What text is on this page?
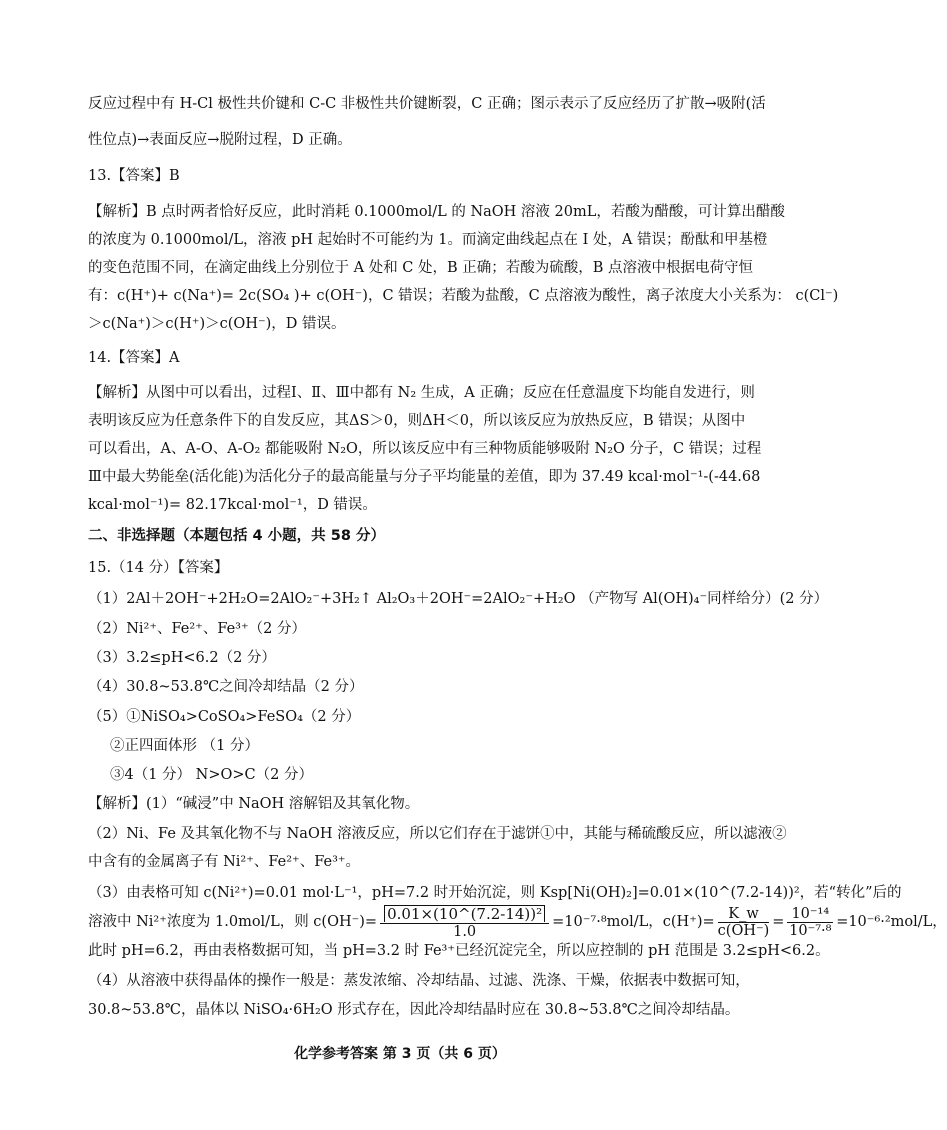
反应过程中有 H-Cl 极性共价键和 C-C 非极性共价键断裂，C 正确；图示表示了反应经历了扩散→吸附(活
性位点)→表面反应→脱附过程，D 正确。
13.【答案】B
【解析】B 点时两者恰好反应，此时消耗 0.1000mol/L 的 NaOH 溶液 20mL，若酸为醋酸，可计算出醋酸
的浓度为 0.1000mol/L，溶液 pH 起始时不可能约为 1。而滴定曲线起点在 I 处，A 错误；酚酞和甲基橙
的变色范围不同，在滴定曲线上分别位于 A 处和 C 处，B 正确；若酸为硫酸，B 点溶液中根据电荷守恒
有：c(H⁺)+ c(Na⁺)= 2c(SO₄ )+ c(OH⁻)，C 错误；若酸为盐酸，C 点溶液为酸性，离子浓度大小关系为： c(Cl⁻)
＞c(Na⁺)＞c(H⁺)＞c(OH⁻)，D 错误。
14.【答案】A
【解析】从图中可以看出，过程Ⅰ、Ⅱ、Ⅲ中都有 N₂ 生成，A 正确；反应在任意温度下均能自发进行，则
表明该反应为任意条件下的自发反应，其ΔS＞0，则ΔH＜0，所以该反应为放热反应，B 错误；从图中
可以看出，A、A-O、A-O₂ 都能吸附 N₂O，所以该反应中有三种物质能够吸附 N₂O 分子，C 错误；过程
Ⅲ中最大势能垒(活化能)为活化分子的最高能量与分子平均能量的差值，即为 37.49 kcal·mol⁻¹-(-44.68
kcal·mol⁻¹)= 82.17kcal·mol⁻¹，D 错误。
二、非选择题（本题包括 4 小题，共 58 分）
15.（14 分）【答案】
（1）2Al＋2OH⁻+2H₂O=2AlO₂⁻+3H₂↑ Al₂O₃＋2OH⁻=2AlO₂⁻+H₂O （产物写 Al(OH)₄⁻同样给分）(2 分）
（2）Ni²⁺、Fe²⁺、Fe³⁺（2 分）
（3）3.2≤pH<6.2（2 分）
（4）30.8~53.8℃之间冷却结晶（2 分）
（5）①NiSO₄>CoSO₄>FeSO₄（2 分）
②正四面体形 （1 分）
③4（1 分） N>O>C（2 分）
【解析】(1）“碱浸”中 NaOH 溶解铝及其氧化物。
（2）Ni、Fe 及其氧化物不与 NaOH 溶液反应，所以它们存在于滤饼①中，其能与稀硫酸反应，所以滤液②
中含有的金属离子有 Ni²⁺、Fe²⁺、Fe³⁺。
（3）由表格可知 c(Ni²⁺)=0.01 mol·L⁻¹，pH=7.2 时开始沉淀，则 Ksp[Ni(OH)₂]=0.01×(10^(7.2-14))²，若“转化”后的
溶液中 Ni²⁺浓度为 1.0mol/L，则 $c(OH^-)= \frac{\text{0.01×(10\textasciicircum{}(7.2-14))²}}{1.0} =10^{-7}\cdot^8mol/L$，$c(H^+)= \frac{K\_w}{c(OH^-)} = \frac{\text{10⁻¹⁴}}{\text{10⁻⁷·⁸}} =10^{-6}\cdot^2mol/L$，
此时 pH=6.2，再由表格数据可知，当 pH=3.2 时 Fe³⁺已经沉淀完全，所以应控制的 pH 范围是 3.2≤pH<6.2。
（4）从溶液中获得晶体的操作一般是：蒸发浓缩、冷却结晶、过滤、洗涤、干燥，依据表中数据可知，
30.8~53.8℃，晶体以 NiSO₄·6H₂O 形式存在，因此冷却结晶时应在 30.8~53.8℃之间冷却结晶。
化学参考答案 第 3 页（共 6 页）
